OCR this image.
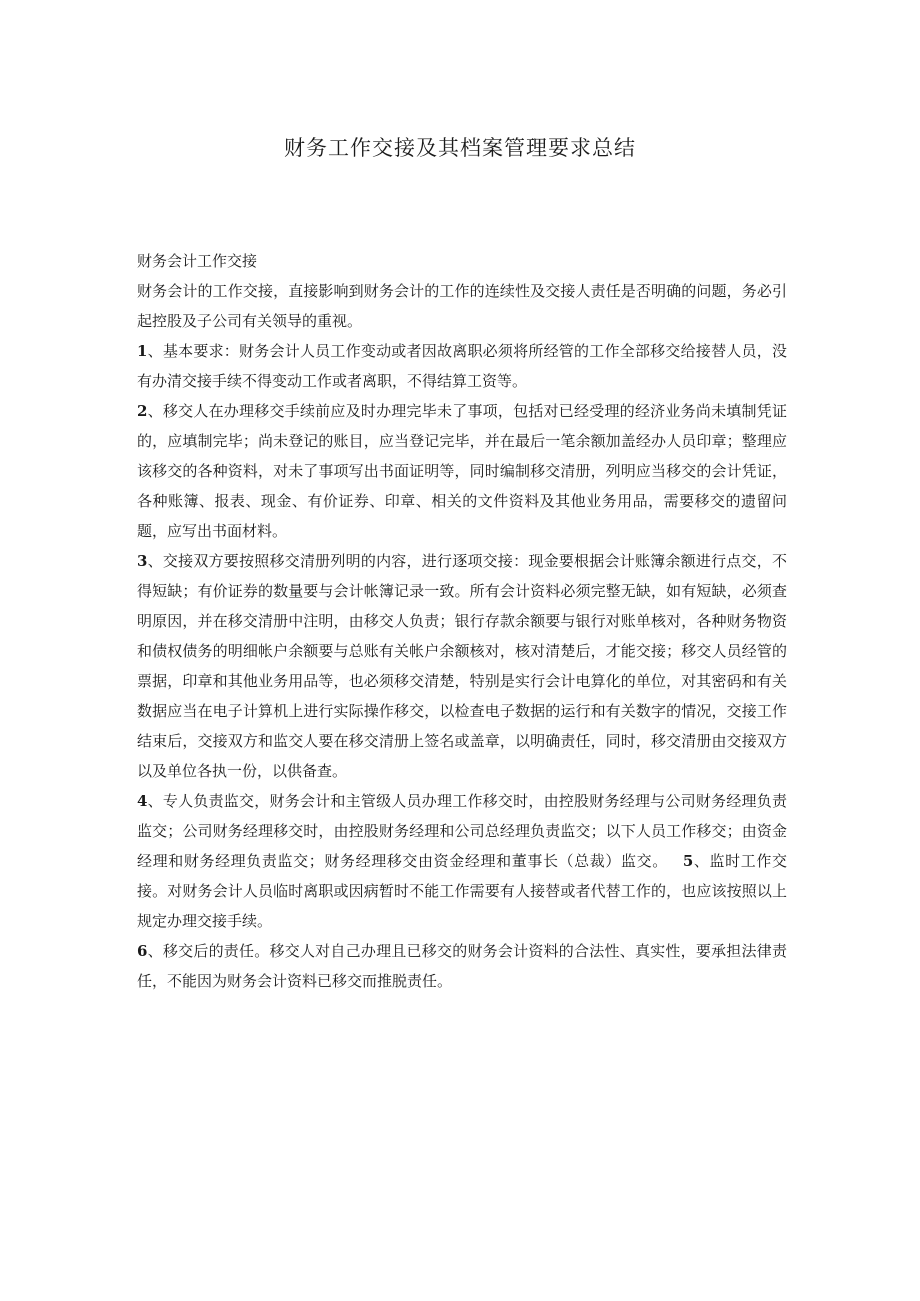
财务工作交接及其档案管理要求总结

财务会计工作交接

财务会计的工作交接，直接影响到财务会计的工作的连续性及交接人责任是否明确的问题，务必引起控股及子公司有关领导的重视。

1、基本要求：财务会计人员工作变动或者因故离职必须将所经管的工作全部移交给接替人员，没有办清交接手续不得变动工作或者离职，不得结算工资等。

2、移交人在办理移交手续前应及时办理完毕未了事项，包括对已经受理的经济业务尚未填制凭证的，应填制完毕；尚未登记的账目，应当登记完毕，并在最后一笔余额加盖经办人员印章；整理应该移交的各种资料，对未了事项写出书面证明等，同时编制移交清册，列明应当移交的会计凭证，各种账簿、报表、现金、有价证券、印章、相关的文件资料及其他业务用品，需要移交的遗留问题，应写出书面材料。

3、交接双方要按照移交清册列明的内容，进行逐项交接：现金要根据会计账簿余额进行点交，不得短缺；有价证券的数量要与会计帐簿记录一致。所有会计资料必须完整无缺，如有短缺，必须查明原因，并在移交清册中注明，由移交人负责；银行存款余额要与银行对账单核对，各种财务物资和债权债务的明细帐户余额要与总账有关帐户余额核对，核对清楚后，才能交接；移交人员经管的票据，印章和其他业务用品等，也必须移交清楚，特别是实行会计电算化的单位，对其密码和有关数据应当在电子计算机上进行实际操作移交，以检查电子数据的运行和有关数字的情况，交接工作结束后，交接双方和监交人要在移交清册上签名或盖章，以明确责任，同时，移交清册由交接双方以及单位各执一份，以供备查。

4、专人负责监交，财务会计和主管级人员办理工作移交时，由控股财务经理与公司财务经理负责监交；公司财务经理移交时，由控股财务经理和公司总经理负责监交；以下人员工作移交；由资金经理和财务经理负责监交；财务经理移交由资金经理和董事长（总裁）监交。  5、监时工作交接。对财务会计人员临时离职或因病暂时不能工作需要有人接替或者代替工作的，也应该按照以上规定办理交接手续。

6、移交后的责任。移交人对自己办理且已移交的财务会计资料的合法性、真实性，要承担法律责任，不能因为财务会计资料已移交而推脱责任。
